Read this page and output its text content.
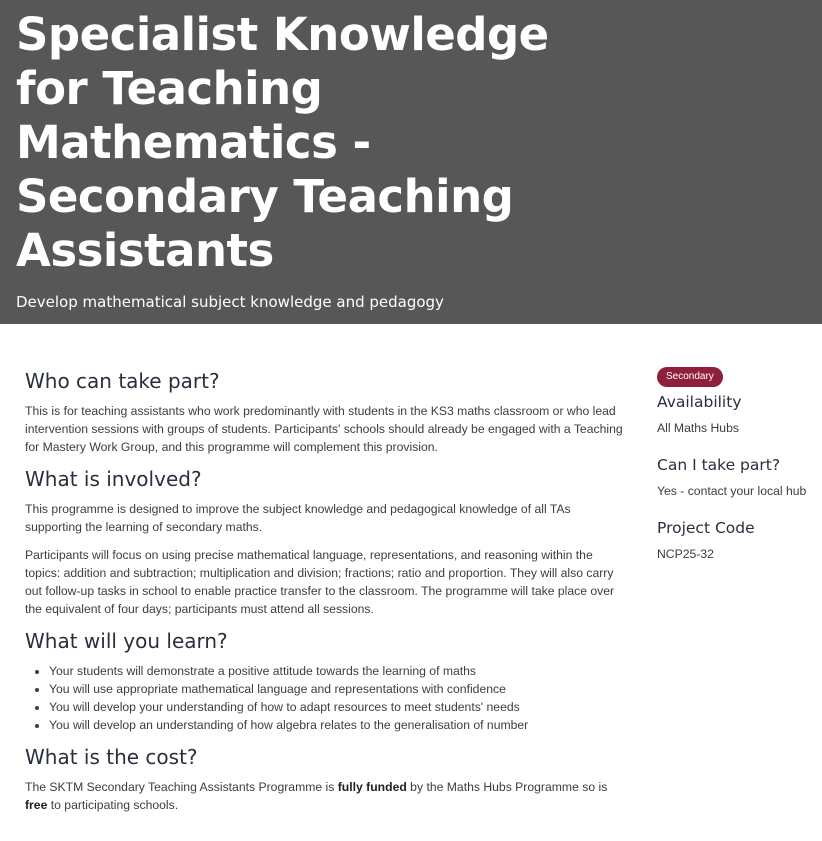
Specialist Knowledge for Teaching Mathematics - Secondary Teaching Assistants
Develop mathematical subject knowledge and pedagogy
Who can take part?

This is for teaching assistants who work predominantly with students in the KS3 maths classroom or who lead intervention sessions with groups of students. Participants' schools should already be engaged with a Teaching for Mastery Work Group, and this programme will complement this provision.

What is involved?

This programme is designed to improve the subject knowledge and pedagogical knowledge of all TAs supporting the learning of secondary maths.

Participants will focus on using precise mathematical language, representations, and reasoning within the topics: addition and subtraction; multiplication and division; fractions; ratio and proportion. They will also carry out follow-up tasks in school to enable practice transfer to the classroom. The programme will take place over the equivalent of four days; participants must attend all sessions.

What will you learn?
• Your students will demonstrate a positive attitude towards the learning of maths
• You will use appropriate mathematical language and representations with confidence
• You will develop your understanding of how to adapt resources to meet students' needs
• You will develop an understanding of how algebra relates to the generalisation of number
What is the cost?

The SKTM Secondary Teaching Assistants Programme is fully funded by the Maths Hubs Programme so is free to participating schools.

Secondary
Availability
All Maths Hubs
Can I take part?
Yes - contact your local hub
Project Code
NCP25-32
